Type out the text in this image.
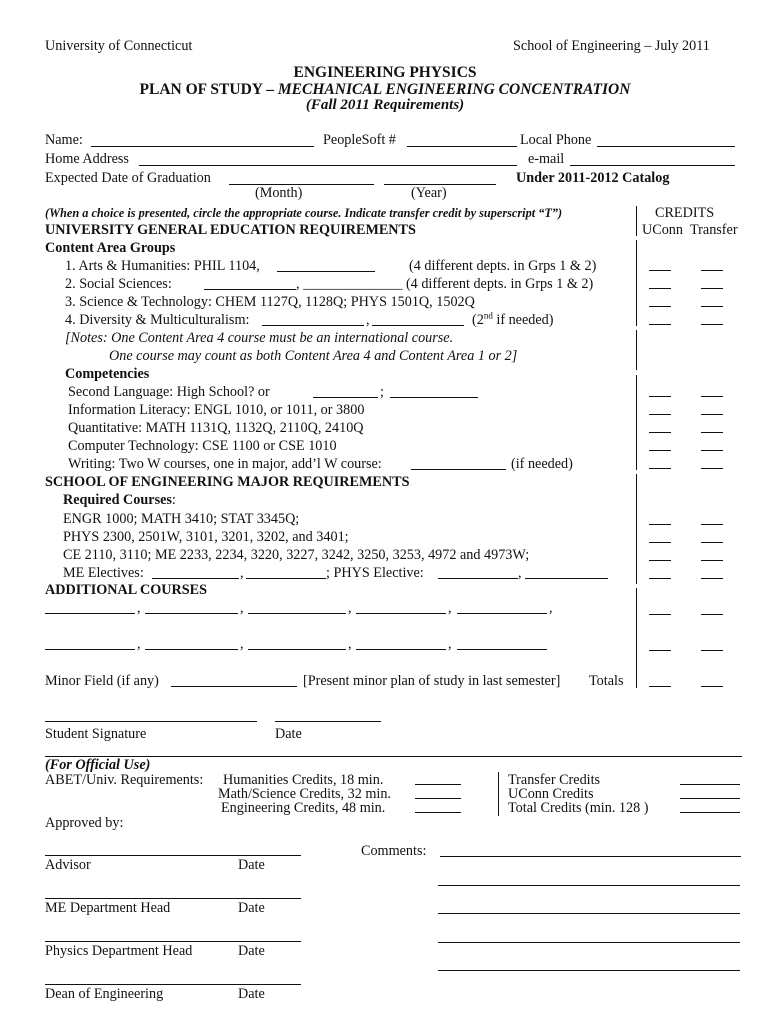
University of Connecticut	School of Engineering – July 2011
ENGINEERING PHYSICS
PLAN OF STUDY – MECHANICAL ENGINEERING CONCENTRATION
(Fall 2011 Requirements)
Name:	PeopleSoft #	Local Phone
Home Address	e-mail
Expected Date of Graduation	Under 2011-2012 Catalog
(Month)	(Year)
(When a choice is presented, circle the appropriate course. Indicate transfer credit by superscript “T”)	CREDITS
UConn Transfer
UNIVERSITY GENERAL EDUCATION REQUIREMENTS
Content Area Groups
1. Arts & Humanities: PHIL 1104,	(4 different depts. in Grps 1 & 2)
2. Social Sciences:	, ______________ (4 different depts. in Grps 1 & 2)
3. Science & Technology: CHEM 1127Q, 1128Q; PHYS 1501Q, 1502Q
4. Diversity & Multiculturalism:	,	(2nd if needed)
[Notes: One Content Area 4 course must be an international course.
One course may count as both Content Area 4 and Content Area 1 or 2]
Competencies
Second Language: High School? or	;
Information Literacy: ENGL 1010, or 1011, or 3800
Quantitative: MATH 1131Q, 1132Q, 2110Q, 2410Q
Computer Technology: CSE 1100 or CSE 1010
Writing: Two W courses, one in major, add’l W course:	(if needed)
SCHOOL OF ENGINEERING MAJOR REQUIREMENTS
Required Courses:
ENGR 1000; MATH 3410; STAT 3345Q;
PHYS 2300, 2501W, 3101, 3201, 3202, and 3401;
CE 2110, 3110; ME 2233, 2234, 3220, 3227, 3242, 3250, 3253, 4972 and 4973W;
ME Electives:	,	; PHYS Elective:	,
ADDITIONAL COURSES
,	,	,	,	,
,	,	,	,
Minor Field (if any)	[Present minor plan of study in last semester] Totals
Student Signature	Date
(For Official Use)
ABET/Univ. Requirements: Humanities Credits, 18 min.
Math/Science Credits, 32 min.
Engineering Credits, 48 min.
Transfer Credits
UConn Credits
Total Credits (min. 128 )
Approved by:
Advisor	Date
ME Department Head	Date
Physics Department Head	Date
Dean of Engineering	Date
Comments:
